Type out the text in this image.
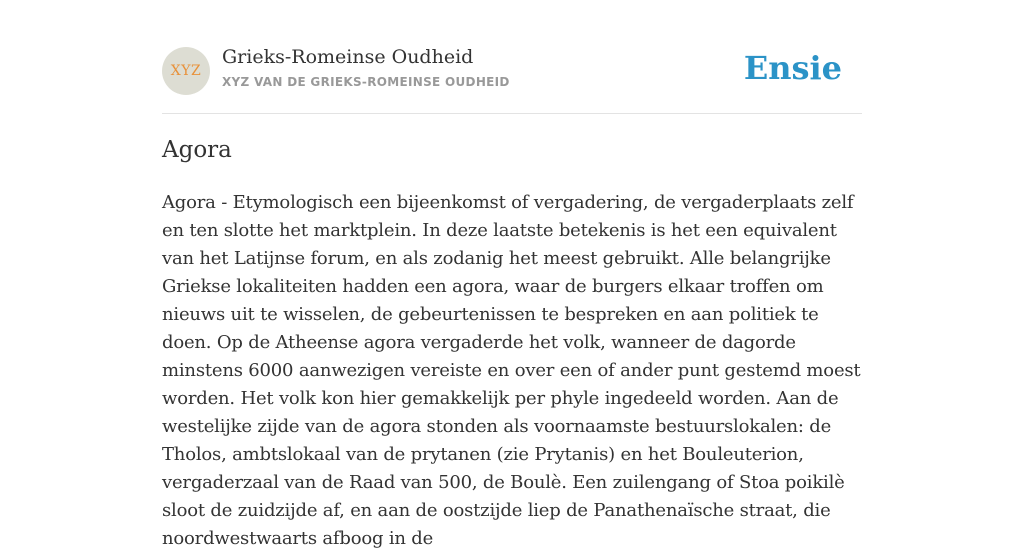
XYZ
Grieks-Romeinse Oudheid
XYZ VAN DE GRIEKS-ROMEINSE OUDHEID	Ensie
Agora

Agora - Etymologisch een bijeenkomst of vergadering, de vergaderplaats zelf en ten slotte het marktplein. In deze laatste betekenis is het een equivalent van het Latijnse forum, en als zodanig het meest gebruikt. Alle belangrijke Griekse lokaliteiten hadden een agora, waar de burgers elkaar troffen om nieuws uit te wisselen, de gebeurtenissen te bespreken en aan politiek te doen. Op de Atheense agora vergaderde het volk, wanneer de dagorde minstens 6000 aanwezigen vereiste en over een of ander punt gestemd moest worden. Het volk kon hier gemakkelijk per phyle ingedeeld worden. Aan de westelijke zijde van de agora stonden als voornaamste bestuurslokalen: de Tholos, ambtslokaal van de prytanen (zie Prytanis) en het Bouleuterion, vergaderzaal van de Raad van 500, de Boulè. Een zuilengang of Stoa poikilè sloot de zuidzijde af, en aan de oostzijde liep de Panathenaïsche straat, die noordwestwaarts afboog in de
